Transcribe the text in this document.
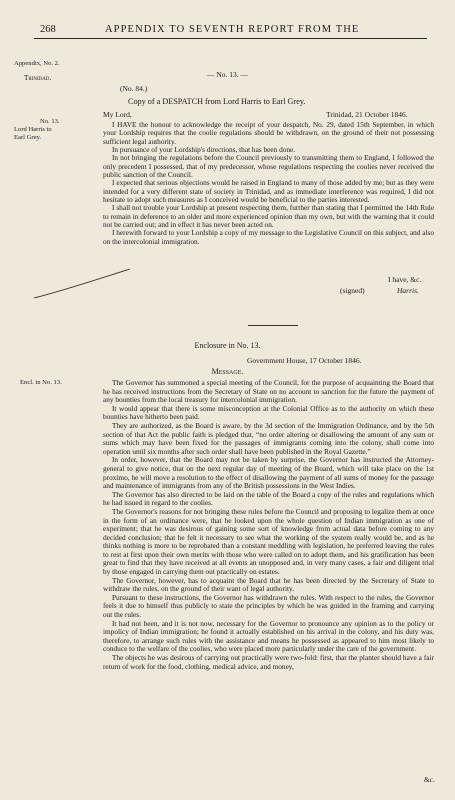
268	APPENDIX TO SEVENTH REPORT FROM THE
Appendix, No. 2.
Trinidad.
No. 13.
Lord Harris to
Earl Grey.
Encl. in No. 13.
— No. 13. —
(No. 84.)
Copy of a DESPATCH from Lord Harris to Earl Grey.
My Lord,	Trinidad, 21 October 1846.

I HAVE the honour to acknowledge the receipt of your despatch, No. 29, dated 15th September, in which your Lordship requires that the coolie regulations should be withdrawn, on the ground of their not possessing sufficient legal authority.

In pursuance of your Lordship's directions, that has been done.

In not bringing the regulations before the Council previously to transmitting them to England, I followed the only precedent I possessed, that of my predecessor, whose regulations respecting the coolies never received the public sanction of the Council.

I expected that serious objections would be raised in England to many of those added by me; but as they were intended for a very different state of society in Trinidad, and as immediate interference was required, I did not hesitate to adopt such measures as I conceived would be beneficial to the parties interested.

I shall not trouble your Lordship at present respecting them, further than stating that I permitted the 14th Rule to remain in deference to an older and more experienced opinion than my own, but with the warning that it could not be carried out; and in effect it has never been acted on.

I herewith forward to your Lordship a copy of my message to the Legislative Council on this subject, and also on the intercolonial immigration.

I have, &c.
(signed)	Harris.
Enclosure in No. 13.
Government House, 17 October 1846.
Message.

The Governor has summoned a special meeting of the Council, for the purpose of acquainting the Board that he has received instructions from the Secretary of State on no account to sanction for the future the payment of any bounties from the local treasury for intercolonial immigration.

It would appear that there is some misconception at the Colonial Office as to the authority on which these bounties have hitherto been paid.

They are authorized, as the Board is aware, by the 3d section of the Immigration Ordinance, and by the 5th section of that Act the public faith is pledged that, “no order altering or disallowing the amount of any sum or sums which may have been fixed for the passages of immigrants coming into the colony, shall come into operation until six months after such order shall have been published in the Royal Gazette.”

In order, however, that the Board may not be taken by surprise, the Governor has instructed the Attorney-general to give notice, that on the next regular day of meeting of the Board, which will take place on the 1st proximo, he will move a resolution to the effect of disallowing the payment of all sums of money for the passage and maintenance of immigrants from any of the British possessions in the West Indies.

The Governor has also directed to be laid on the table of the Board a copy of the rules and regulations which he had issued in regard to the coolies.

The Governor's reasons for not bringing these rules before the Council and proposing to legalize them at once in the form of an ordinance were, that he looked upon the whole question of Indian immigration as one of experiment; that he was desirous of gaining some sort of knowledge from actual data before coming to any decided conclusion; that he felt it necessary to see what the working of the system really would be, and as he thinks nothing is more to be reprobated than a constant meddling with legislation, he preferred leaving the rules to rest at first upon their own merits with those who were called on to adopt them, and his gratification has been great to find that they have received at all events an unopposed and, in very many cases, a fair and diligent trial by those engaged in carrying them out practically on estates.

The Governor, however, has to acquaint the Board that he has been directed by the Secretary of State to withdraw the rules, on the ground of their want of legal authority.

Pursuant to these instructions, the Governor has withdrawn the rules. With respect to the rules, the Governor feels it due to himself thus publicly to state the principles by which he was guided in the framing and carrying out the rules.

It had not been, and it is not now, necessary for the Governor to pronounce any opinion as to the policy or impolicy of Indian immigration; he found it actually established on his arrival in the colony, and his duty was, therefore, to arrange such rules with the assistance and means he possessed as appeared to him most likely to conduce to the welfare of the coolies, who were placed more particularly under the care of the government.

The objects he was desirous of carrying out practically were two-fold: first, that the planter should have a fair return of work for the food, clothing, medical advice, and money,

&c.
